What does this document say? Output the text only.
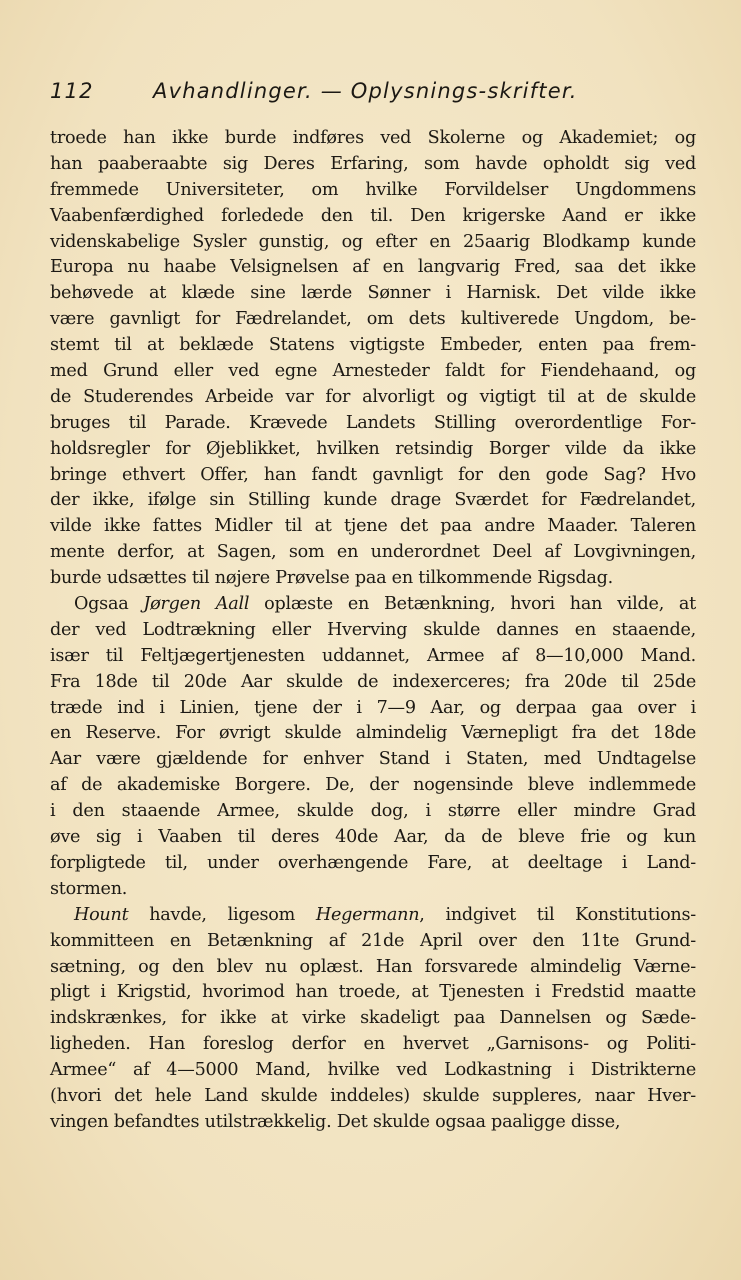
112	Avhandlinger. — Oplysnings-skrifter.
troede han ikke burde indføres ved Skolerne og Akademiet; og
han paaberaabte sig Deres Erfaring, som havde opholdt sig ved
fremmede Universiteter, om hvilke Forvildelser Ungdommens
Vaabenfærdighed forledede den til. Den krigerske Aand er ikke
videnskabelige Sysler gunstig, og efter en 25aarig Blodkamp kunde
Europa nu haabe Velsignelsen af en langvarig Fred, saa det ikke
behøvede at klæde sine lærde Sønner i Harnisk. Det vilde ikke
være gavnligt for Fædrelandet, om dets kultiverede Ungdom, be-
stemt til at beklæde Statens vigtigste Embeder, enten paa frem-
med Grund eller ved egne Arnesteder faldt for Fiendehaand, og
de Studerendes Arbeide var for alvorligt og vigtigt til at de skulde
bruges til Parade. Krævede Landets Stilling overordentlige For-
holdsregler for Øjeblikket, hvilken retsindig Borger vilde da ikke
bringe ethvert Offer, han fandt gavnligt for den gode Sag? Hvo
der ikke, ifølge sin Stilling kunde drage Sværdet for Fædrelandet,
vilde ikke fattes Midler til at tjene det paa andre Maader. Taleren
mente derfor, at Sagen, som en underordnet Deel af Lovgivningen,
burde udsættes til nøjere Prøvelse paa en tilkommende Rigsdag.
Ogsaa Jørgen Aall oplæste en Betænkning, hvori han vilde, at
der ved Lodtrækning eller Hverving skulde dannes en staaende,
især til Feltjægertjenesten uddannet, Armee af 8—10,000 Mand.
Fra 18de til 20de Aar skulde de indexerceres; fra 20de til 25de
træde ind i Linien, tjene der i 7—9 Aar, og derpaa gaa over i
en Reserve. For øvrigt skulde almindelig Værnepligt fra det 18de
Aar være gjældende for enhver Stand i Staten, med Undtagelse
af de akademiske Borgere. De, der nogensinde bleve indlemmede
i den staaende Armee, skulde dog, i større eller mindre Grad
øve sig i Vaaben til deres 40de Aar, da de bleve frie og kun
forpligtede til, under overhængende Fare, at deeltage i Land-
stormen.
Hount havde, ligesom Hegermann, indgivet til Konstitutions-
kommitteen en Betænkning af 21de April over den 11te Grund-
sætning, og den blev nu oplæst. Han forsvarede almindelig Værne-
pligt i Krigstid, hvorimod han troede, at Tjenesten i Fredstid maatte
indskrænkes, for ikke at virke skadeligt paa Dannelsen og Sæde-
ligheden. Han foreslog derfor en hvervet „Garnisons- og Politi-
Armee“ af 4—5000 Mand, hvilke ved Lodkastning i Distrikterne
(hvori det hele Land skulde inddeles) skulde suppleres, naar Hver-
vingen befandtes utilstrækkelig. Det skulde ogsaa paaligge disse,
